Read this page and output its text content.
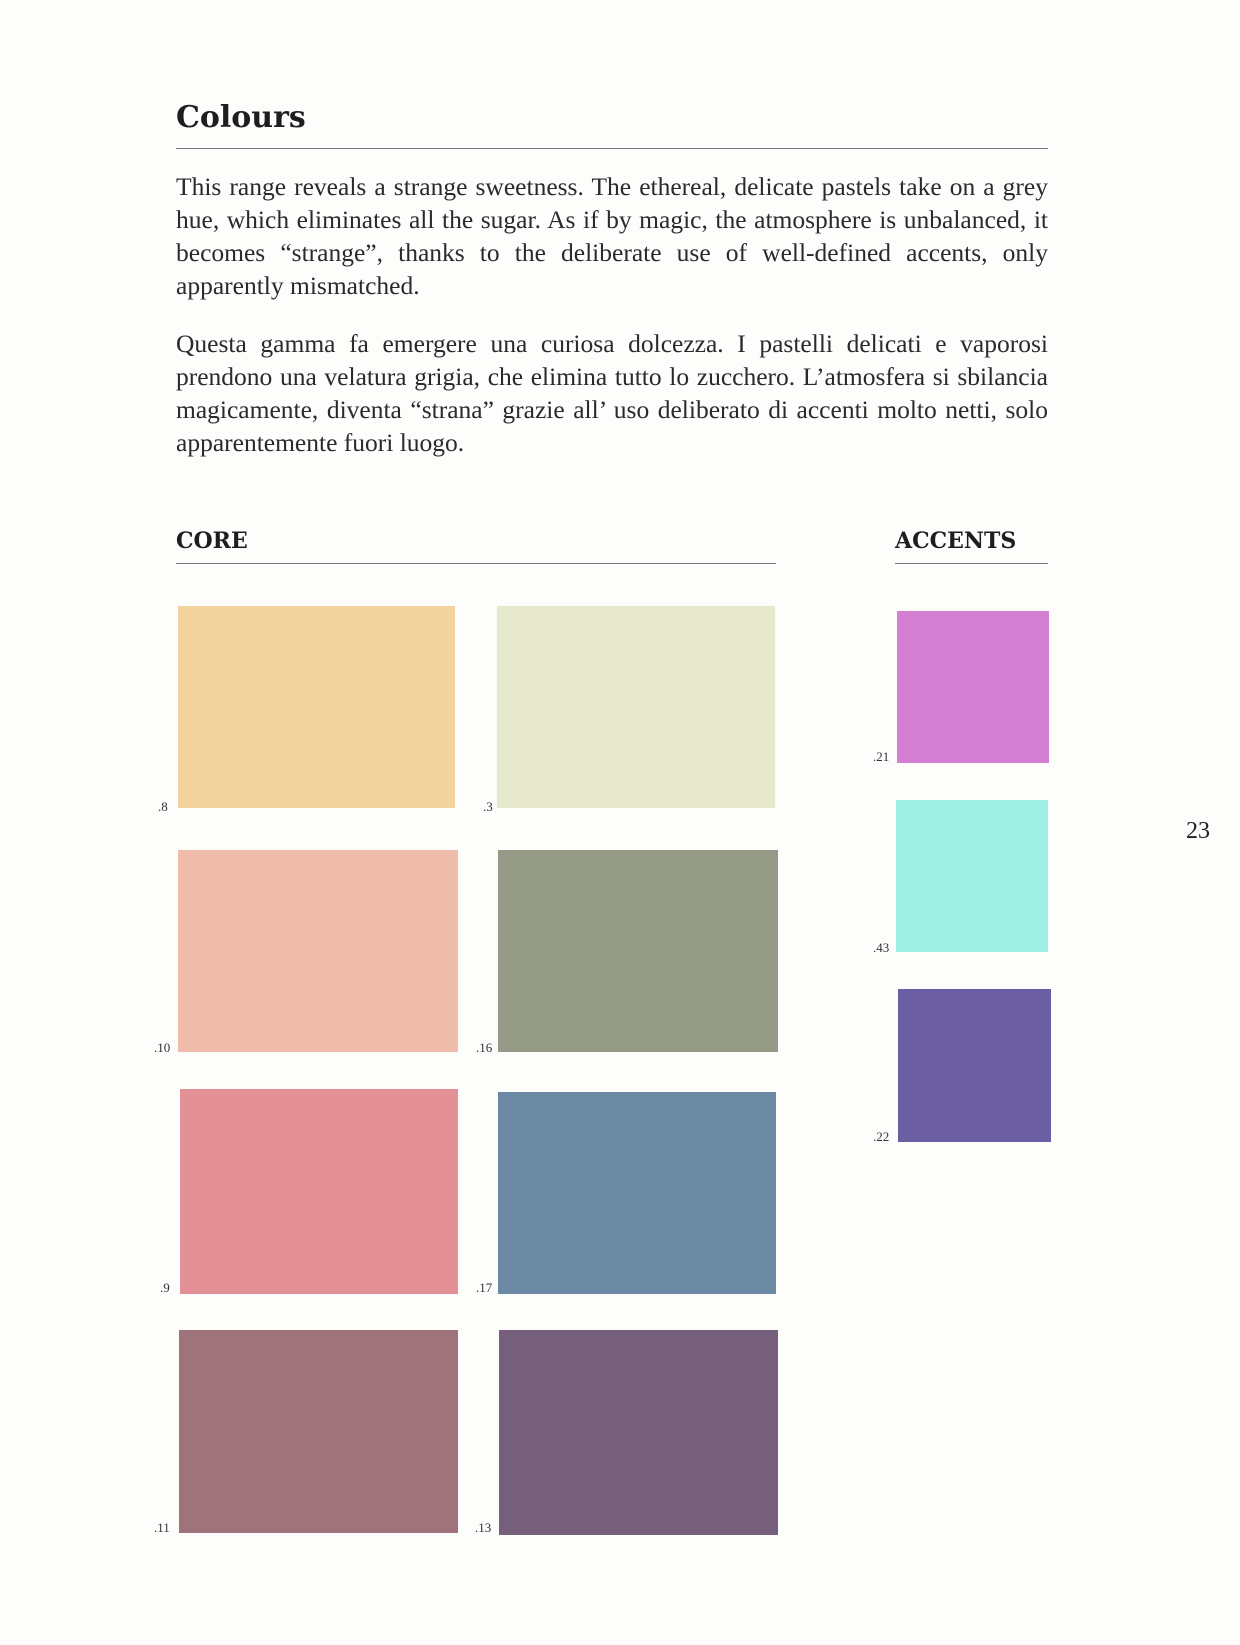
Colours

This range reveals a strange sweetness. The ethereal, delicate pastels take on a grey hue, which eliminates all the sugar. As if by magic, the atmosphere is unbalanced, it becomes “strange”, thanks to the deliberate use of well-defined accents, only apparently mismatched.

Questa gamma fa emergere una curiosa dolcezza. I pastelli delicati e vaporosi prendono una velatura grigia, che elimina tutto lo zucchero. L’atmosfera si sbilancia magicamente, diventa “strana” grazie all’ uso deliberato di accenti molto netti, solo apparentemente fuori luogo.

CORE	ACCENTS
.8	.3
.10	.16
.9	.17
.11	.13
.21
.43
.22
23
